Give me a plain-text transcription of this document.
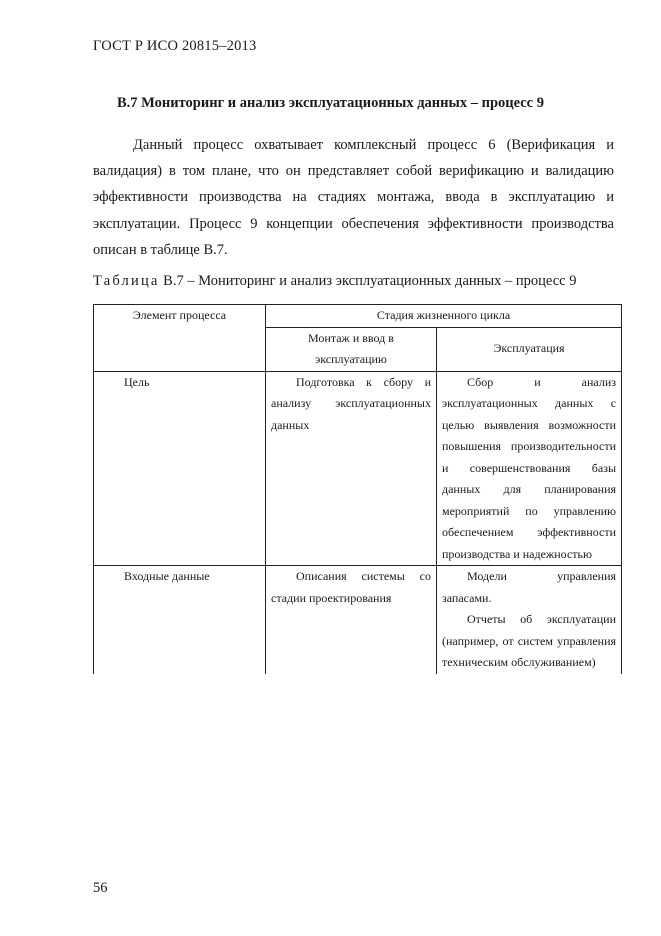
ГОСТ Р ИСО 20815–2013
В.7 Мониторинг и анализ эксплуатационных данных – процесс 9

Данный процесс охватывает комплексный процесс 6 (Верификация и валидация) в том плане, что он представляет собой верификацию и валидацию эффективности производства на стадиях монтажа, ввода в эксплуатацию и эксплуатации. Процесс 9 концепции обеспечения эффективности производства описан в таблице В.7.

Таблица В.7 – Мониторинг и анализ эксплуатационных данных – процесс 9
Элемент процесса	Стадия жизненного цикла
Монтаж и ввод в эксплуатацию	Эксплуатация
Цель	Подготовка к сбору и анализу эксплуатационных данных	

Сбор и анализ эксплуатационных данных с целью выявления возможности повышения производительности и совершенствования базы данных для планирования мероприятий по управлению обеспечением эффективности производства и надежностью

Входные данные	Описания системы со стадии проектирования	

Модели управления запасами.

Отчеты об эксплуатации (например, от систем управления техническим обслуживанием)

56
